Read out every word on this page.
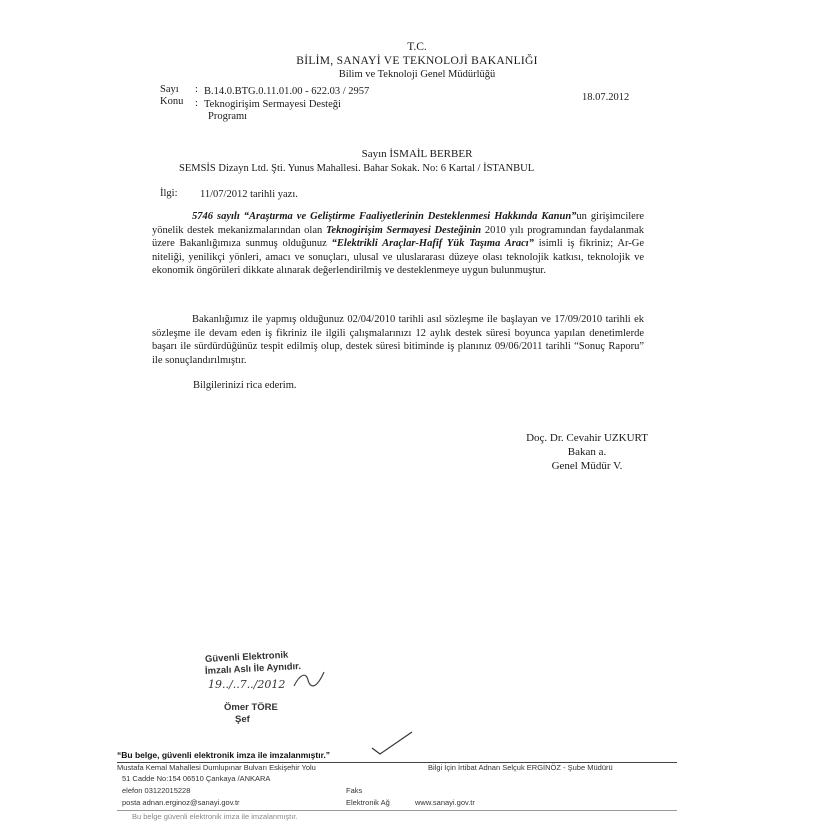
T.C.
BİLİM, SANAYİ VE TEKNOLOJİ BAKANLIĞI
Bilim ve Teknoloji Genel Müdürlüğü
Sayı : B.14.0.BTG.0.11.01.00 - 622.03 / 2957
18.07.2012
Konu : Teknogirişim Sermayesi Desteği
Programı
Sayın İSMAİL BERBER
SEMSİS Dizayn Ltd. Şti. Yunus Mahallesi. Bahar Sokak. No: 6 Kartal / İSTANBUL
İlgi: 11/07/2012 tarihli yazı.
5746 sayılı “Araştırma ve Geliştirme Faaliyetlerinin Desteklenmesi Hakkında Kanun”un girişimcilere yönelik destek mekanizmalarından olan Teknogirişim Sermayesi Desteğinin 2010 yılı programından faydalanmak üzere Bakanlığımıza sunmuş olduğunuz “Elektrikli Araçlar-Hafif Yük Taşıma Aracı” isimli iş fikriniz; Ar-Ge niteliği, yenilikçi yönleri, amacı ve sonuçları, ulusal ve uluslararası düzeye olası teknolojik katkısı, teknolojik ve ekonomik öngörüleri dikkate alınarak değerlendirilmiş ve desteklenmeye uygun bulunmuştur.
Bakanlığımız ile yapmış olduğunuz 02/04/2010 tarihli asıl sözleşme ile başlayan ve 17/09/2010 tarihli ek sözleşme ile devam eden iş fikriniz ile ilgili çalışmalarınızı 12 aylık destek süresi boyunca yapılan denetimlerde başarı ile sürdürdüğünüz tespit edilmiş olup, destek süresi bitiminde iş planınız 09/06/2011 tarihli “Sonuç Raporu” ile sonuçlandırılmıştır.
Bilgilerinizi rica ederim.
Doç. Dr. Cevahir UZKURT
Bakan a.
Genel Müdür V.
Güvenli Elektronik
İmzalı Aslı İle Aynıdır.
19../..7../2012
Ömer TÖRE
Şef
“Bu belge, güvenli elektronik imza ile imzalanmıştır.”
Mustafa Kemal Mahallesi Dumlupınar Bulvarı Eskişehir Yolu
51 Cadde No:154 06510 Çankaya /ANKARA
elefon 03122015228
posta adnan.erginoz@sanayi.gov.tr
Faks
Elektronik Ağ	www.sanayi.gov.tr
Bilgi İçin İrtibat Adnan Selçuk ERGİNÖZ - Şube Müdürü
Bu belge güvenli elektronik imza ile imzalanmıştır.
